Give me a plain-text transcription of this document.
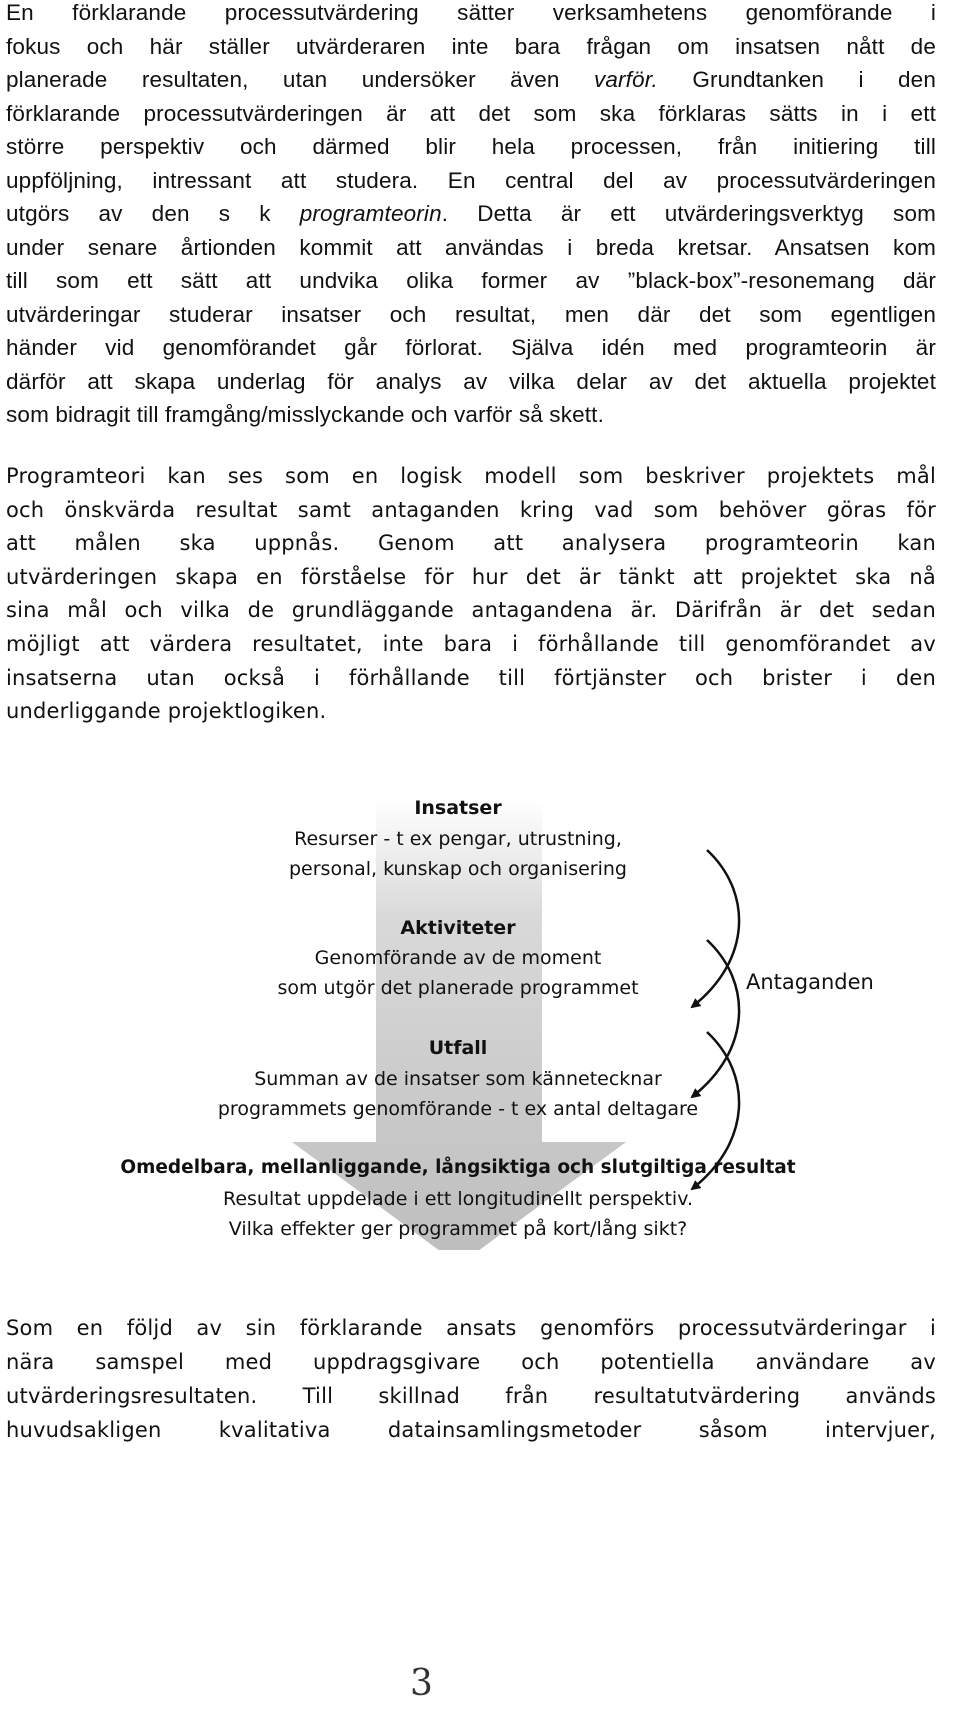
En förklarande processutvärdering sätter verksamhetens genomförande i
fokus och här ställer utvärderaren inte bara frågan om insatsen nått de
planerade resultaten, utan undersöker även varför. Grundtanken i den
förklarande processutvärderingen är att det som ska förklaras sätts in i ett
större perspektiv och därmed blir hela processen, från initiering till
uppföljning, intressant att studera. En central del av processutvärderingen
utgörs av den s k programteorin. Detta är ett utvärderingsverktyg som
under senare årtionden kommit att användas i breda kretsar. Ansatsen kom
till som ett sätt att undvika olika former av ”black-box”-resonemang där
utvärderingar studerar insatser och resultat, men där det som egentligen
händer vid genomförandet går förlorat. Själva idén med programteorin är
därför att skapa underlag för analys av vilka delar av det aktuella projektet
som bidragit till framgång/misslyckande och varför så skett.
Programteori kan ses som en logisk modell som beskriver projektets mål
och önskvärda resultat samt antaganden kring vad som behöver göras för
att målen ska uppnås. Genom att analysera programteorin kan
utvärderingen skapa en förståelse för hur det är tänkt att projektet ska nå
sina mål och vilka de grundläggande antagandena är. Därifrån är det sedan
möjligt att värdera resultatet, inte bara i förhållande till genomförandet av
insatserna utan också i förhållande till förtjänster och brister i den
underliggande projektlogiken.
Insatser
Resurser - t ex pengar, utrustning,
personal, kunskap och organisering
Aktiviteter
Genomförande av de moment
som utgör det planerade programmet
Utfall
Summan av de insatser som kännetecknar
programmets genomförande - t ex antal deltagare
Omedelbara, mellanliggande, långsiktiga och slutgiltiga resultat
Resultat uppdelade i ett longitudinellt perspektiv.
Vilka effekter ger programmet på kort/lång sikt?
Antaganden
Som en följd av sin förklarande ansats genomförs processutvärderingar i
nära samspel med uppdragsgivare och potentiella användare av
utvärderingsresultaten. Till skillnad från resultatutvärdering används
huvudsakligen kvalitativa datainsamlingsmetoder såsom intervjuer,
3
